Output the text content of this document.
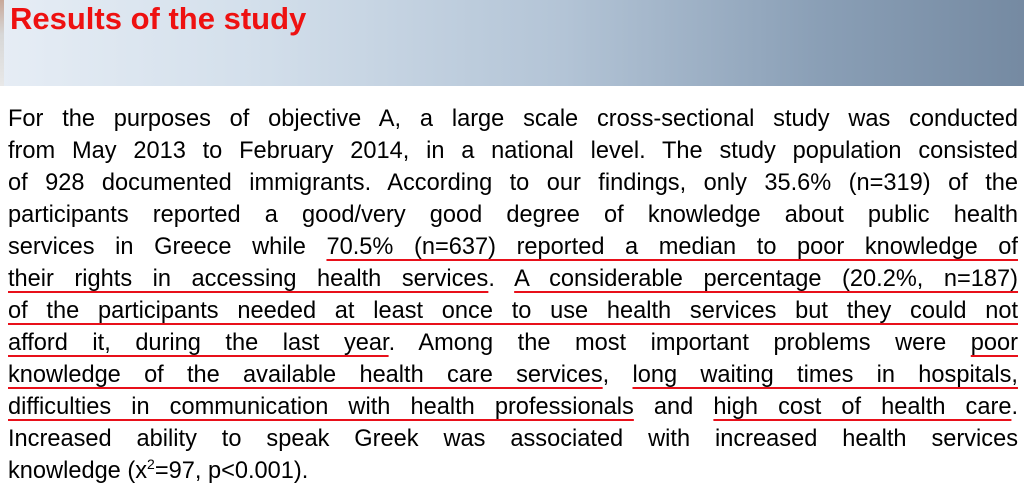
Results of the study
For the purposes of objective A, a large scale cross-sectional study was conducted
from May 2013 to February 2014, in a national level. The study population consisted
of 928 documented immigrants. According to our findings, only 35.6% (n=319) of the
participants reported a good/very good degree of knowledge about public health
services in Greece while 70.5% (n=637) reported a median to poor knowledge of
their rights in accessing health services. A considerable percentage (20.2%, n=187)
of the participants needed at least once to use health services but they could not
afford it, during the last year. Among the most important problems were poor
knowledge of the available health care services, long waiting times in hospitals,
difficulties in communication with health professionals and high cost of health care.
Increased ability to speak Greek was associated with increased health services
knowledge ($x^2=97$, p<0.001).
